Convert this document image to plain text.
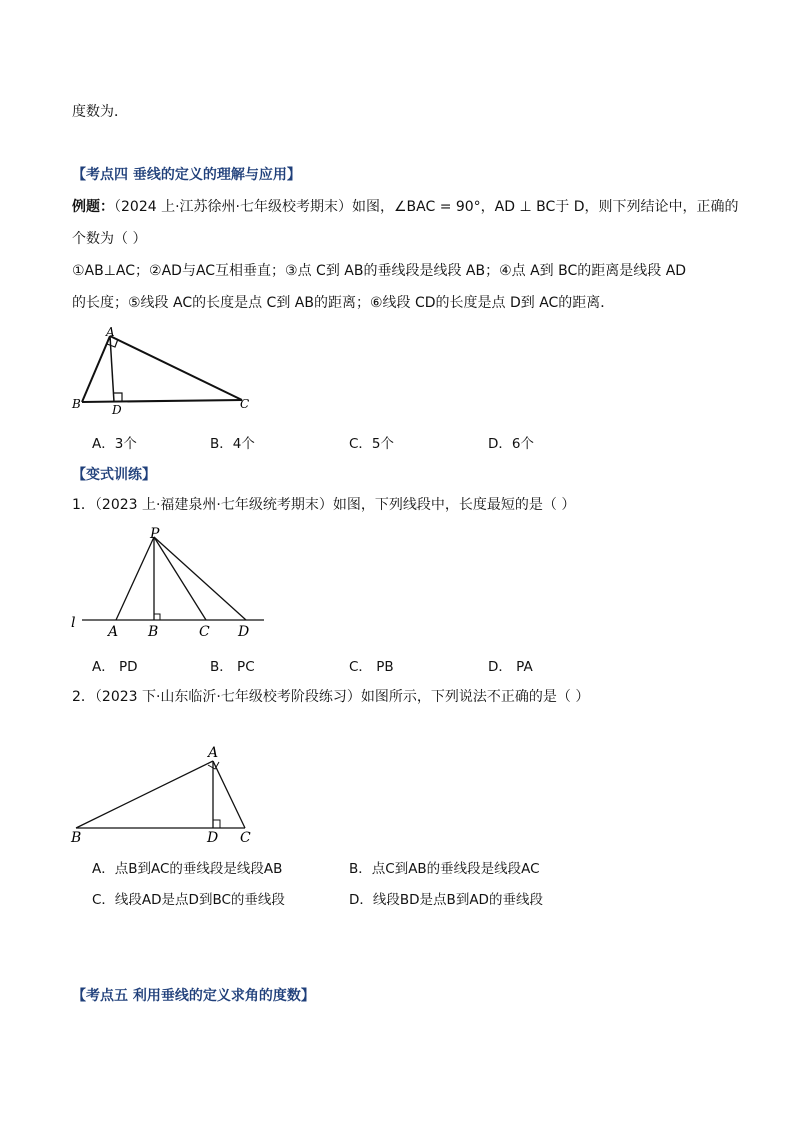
度数为．
【考点四 垂线的定义的理解与应用】
例题：（2024 上·江苏徐州·七年级校考期末）如图，∠BAC = 90°，AD ⊥ BC于 D，则下列结论中，正确的
个数为（ ）
①AB⊥AC；②AD与AC互相垂直；③点 C到 AB的垂线段是线段 AB；④点 A到 BC的距离是线段 AD
的长度；⑤线段 AC的长度是点 C到 AB的距离；⑥线段 CD的长度是点 D到 AC的距离．
A
B	C
D
A．3个	B．4个	C．5个	D．6个
【变式训练】
1．（2023 上·福建泉州·七年级统考期末）如图，下列线段中，长度最短的是（ ）
P
l
A B	C D
A． PD	B． PC	C． PB	D． PA
2．（2023 下·山东临沂·七年级校考阶段练习）如图所示，下列说法不正确的是（ ）
A
B	D C
A．点B到AC的垂线段是线段AB	B．点C到AB的垂线段是线段AC
C．线段AD是点D到BC的垂线段	D．线段BD是点B到AD的垂线段
【考点五 利用垂线的定义求角的度数】
